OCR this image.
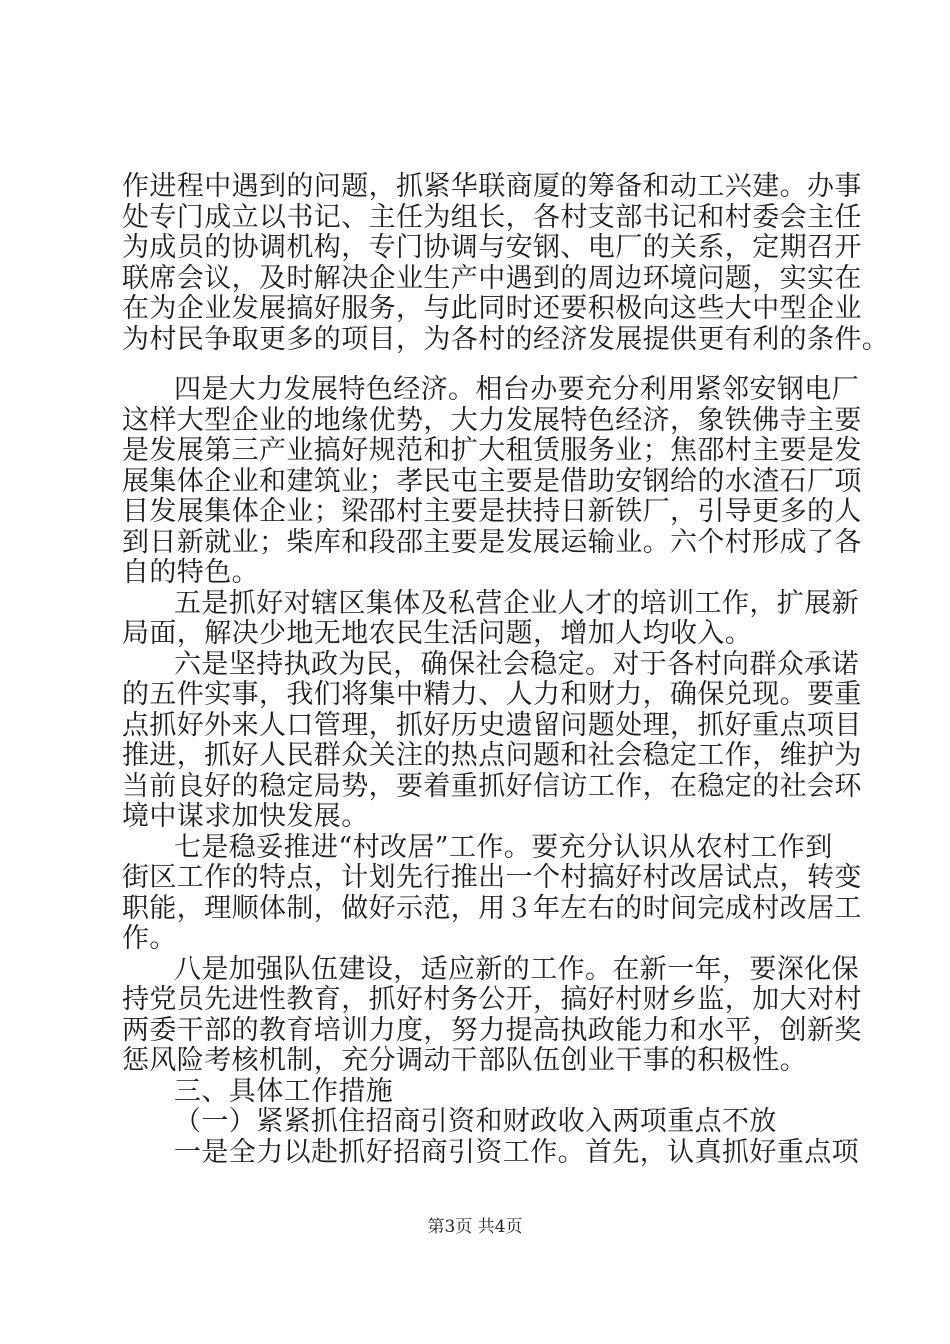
作进程中遇到的问题，抓紧华联商厦的筹备和动工兴建。办事
处专门成立以书记、主任为组长，各村支部书记和村委会主任
为成员的协调机构，专门协调与安钢、电厂的关系，定期召开
联席会议，及时解决企业生产中遇到的周边环境问题，实实在
在为企业发展搞好服务，与此同时还要积极向这些大中型企业
为村民争取更多的项目，为各村的经济发展提供更有利的条件。
四是大力发展特色经济。相台办要充分利用紧邻安钢电厂
这样大型企业的地缘优势，大力发展特色经济，象铁佛寺主要
是发展第三产业搞好规范和扩大租赁服务业；焦邵村主要是发
展集体企业和建筑业；孝民屯主要是借助安钢给的水渣石厂项
目发展集体企业；梁邵村主要是扶持日新铁厂，引导更多的人
到日新就业；柴库和段邵主要是发展运输业。六个村形成了各
自的特色。
五是抓好对辖区集体及私营企业人才的培训工作，扩展新
局面，解决少地无地农民生活问题，增加人均收入。
六是坚持执政为民，确保社会稳定。对于各村向群众承诺
的五件实事，我们将集中精力、人力和财力，确保兑现。要重
点抓好外来人口管理，抓好历史遗留问题处理，抓好重点项目
推进，抓好人民群众关注的热点问题和社会稳定工作，维护为
当前良好的稳定局势，要着重抓好信访工作，在稳定的社会环
境中谋求加快发展。
七是稳妥推进“村改居”工作。要充分认识从农村工作到
街区工作的特点，计划先行推出一个村搞好村改居试点，转变
职能，理顺体制，做好示范，用３年左右的时间完成村改居工
作。
八是加强队伍建设，适应新的工作。在新一年，要深化保
持党员先进性教育，抓好村务公开，搞好村财乡监，加大对村
两委干部的教育培训力度，努力提高执政能力和水平，创新奖
惩风险考核机制，充分调动干部队伍创业干事的积极性。
三、具体工作措施
（一）紧紧抓住招商引资和财政收入两项重点不放
一是全力以赴抓好招商引资工作。首先，认真抓好重点项
第3页 共4页
